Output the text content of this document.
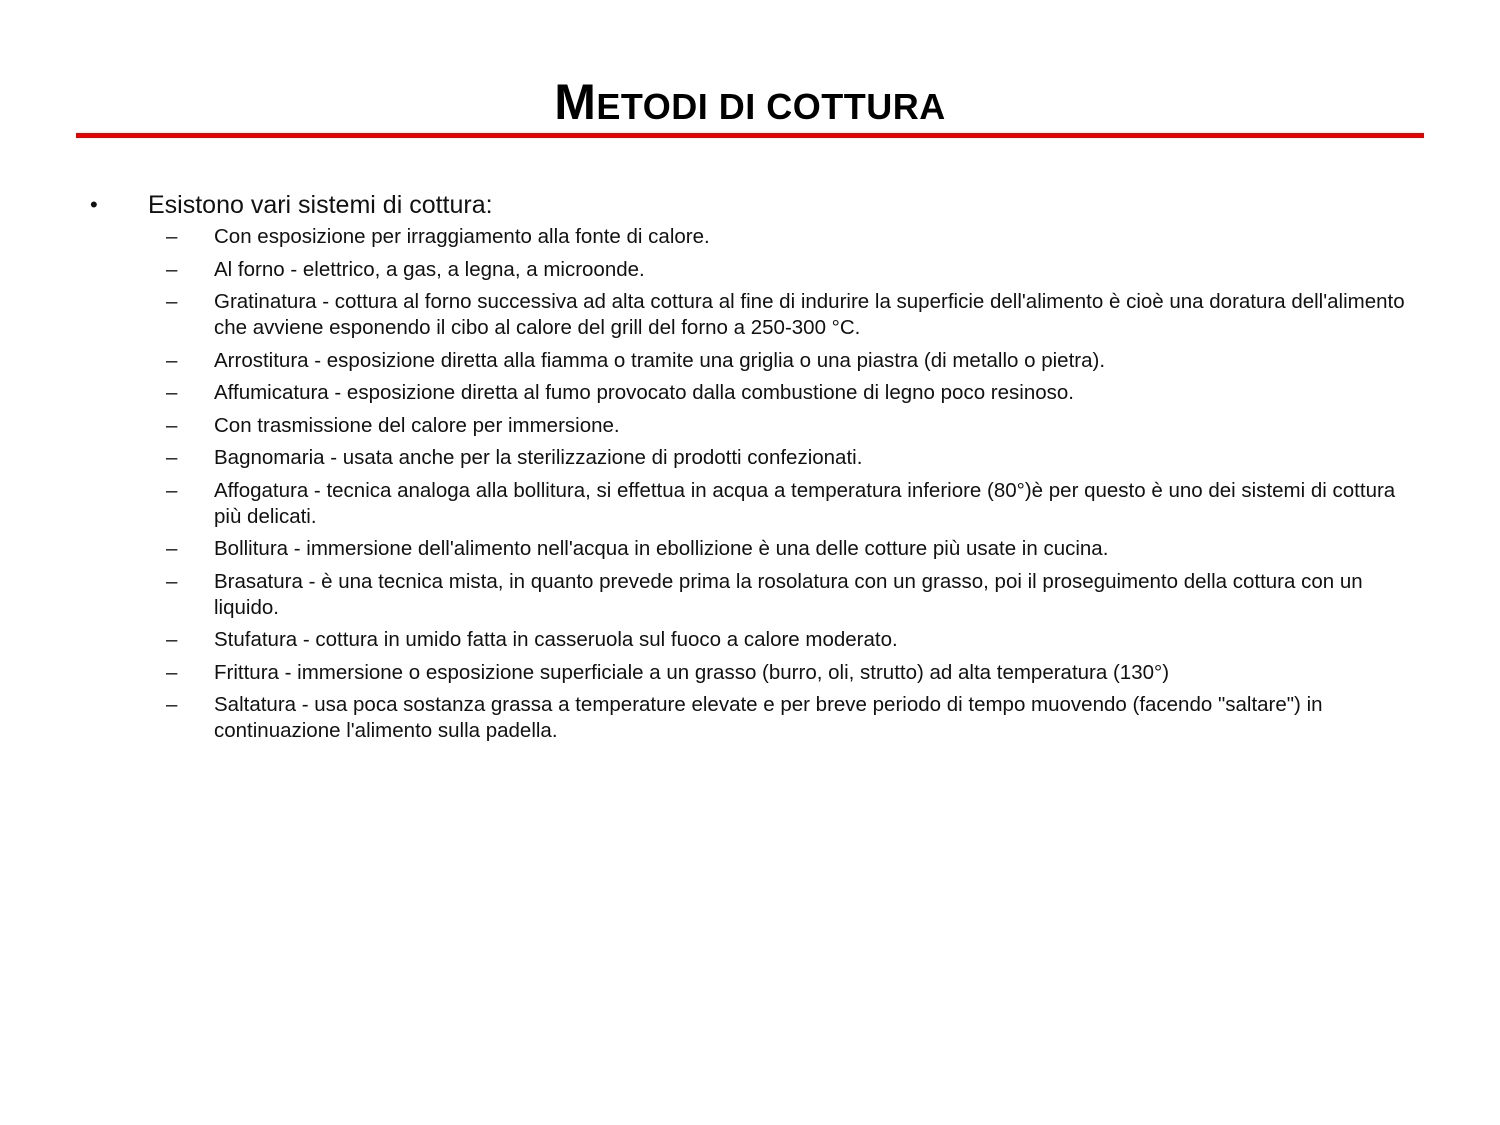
METODI DI COTTURA
•	Esistono vari sistemi di cottura:
–	Con esposizione per irraggiamento alla fonte di calore.
–	Al forno - elettrico, a gas, a legna, a microonde.
–	Gratinatura - cottura al forno successiva ad alta cottura al fine di indurire la superficie dell'alimento è cioè una doratura dell'alimento che avviene esponendo il cibo al calore del grill del forno a 250-300 °C.
–	Arrostitura - esposizione diretta alla fiamma o tramite una griglia o una piastra (di metallo o pietra).
–	Affumicatura - esposizione diretta al fumo provocato dalla combustione di legno poco resinoso.
–	Con trasmissione del calore per immersione.
–	Bagnomaria - usata anche per la sterilizzazione di prodotti confezionati.
–	Affogatura - tecnica analoga alla bollitura, si effettua in acqua a temperatura inferiore (80°)è per questo è uno dei sistemi di cottura più delicati.
–	Bollitura - immersione dell'alimento nell'acqua in ebollizione è una delle cotture più usate in cucina.
–	Brasatura - è una tecnica mista, in quanto prevede prima la rosolatura con un grasso, poi il proseguimento della cottura con un liquido.
–	Stufatura - cottura in umido fatta in casseruola sul fuoco a calore moderato.
–	Frittura - immersione o esposizione superficiale a un grasso (burro, oli, strutto) ad alta temperatura (130°)
–	Saltatura - usa poca sostanza grassa a temperature elevate e per breve periodo di tempo muovendo (facendo "saltare") in continuazione l'alimento sulla padella.
